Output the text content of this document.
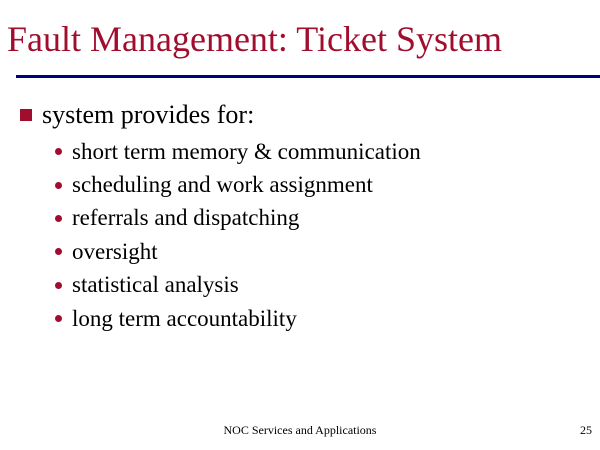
Fault Management: Ticket System
system provides for:
short term memory & communication
scheduling and work assignment
referrals and dispatching
oversight
statistical analysis
long term accountability
NOC Services and Applications	25
